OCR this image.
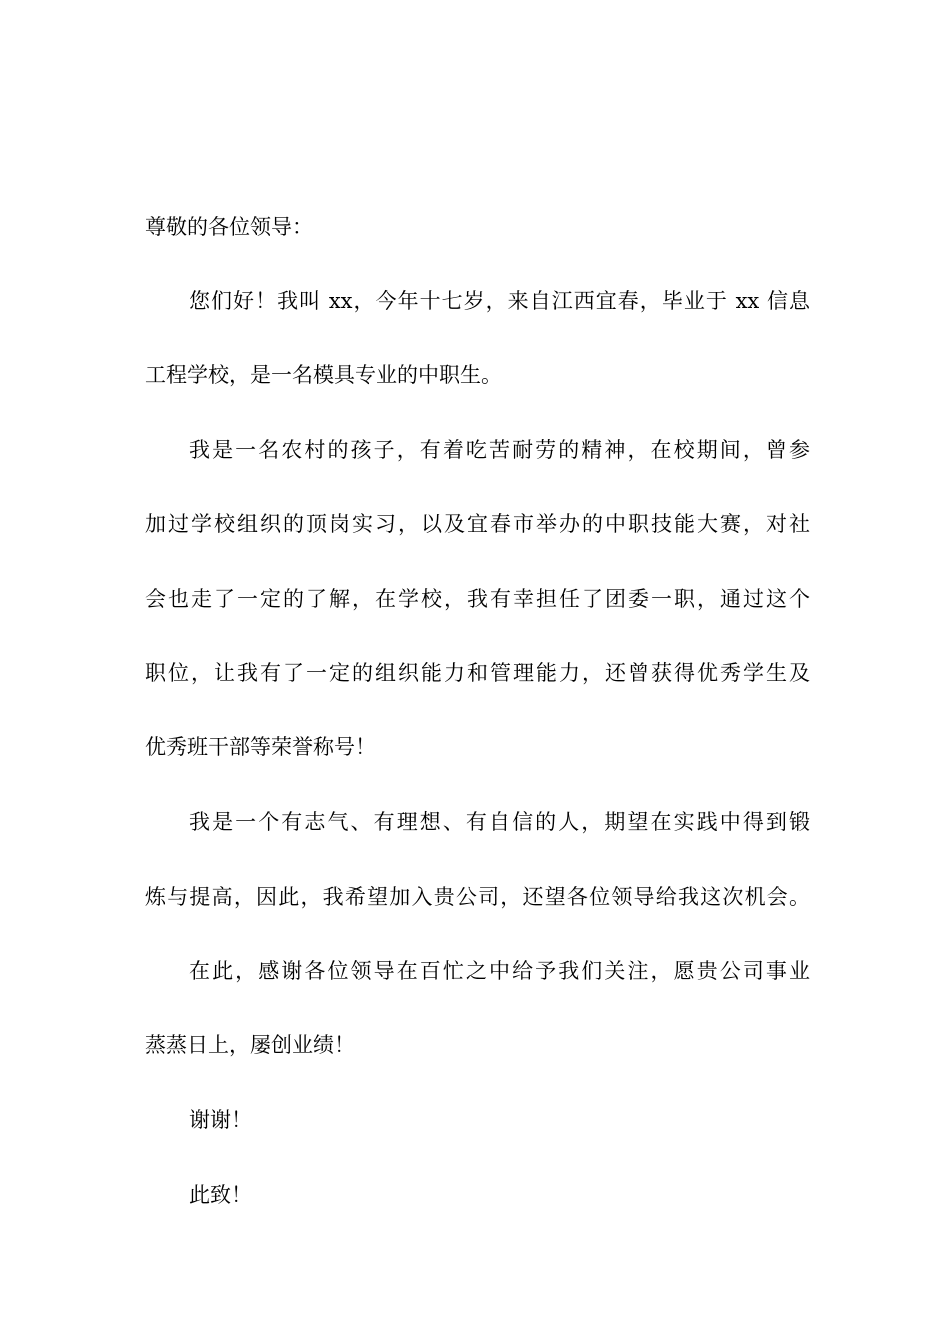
尊敬的各位领导：
您们好！我叫 xx，今年十七岁，来自江西宜春，毕业于 xx 信息
工程学校，是一名模具专业的中职生。
我是一名农村的孩子，有着吃苦耐劳的精神，在校期间，曾参
加过学校组织的顶岗实习，以及宜春市举办的中职技能大赛，对社
会也走了一定的了解，在学校，我有幸担任了团委一职，通过这个
职位，让我有了一定的组织能力和管理能力，还曾获得优秀学生及
优秀班干部等荣誉称号！
我是一个有志气、有理想、有自信的人，期望在实践中得到锻
炼与提高，因此，我希望加入贵公司，还望各位领导给我这次机会。
在此，感谢各位领导在百忙之中给予我们关注，愿贵公司事业
蒸蒸日上，屡创业绩！
谢谢！
此致！
